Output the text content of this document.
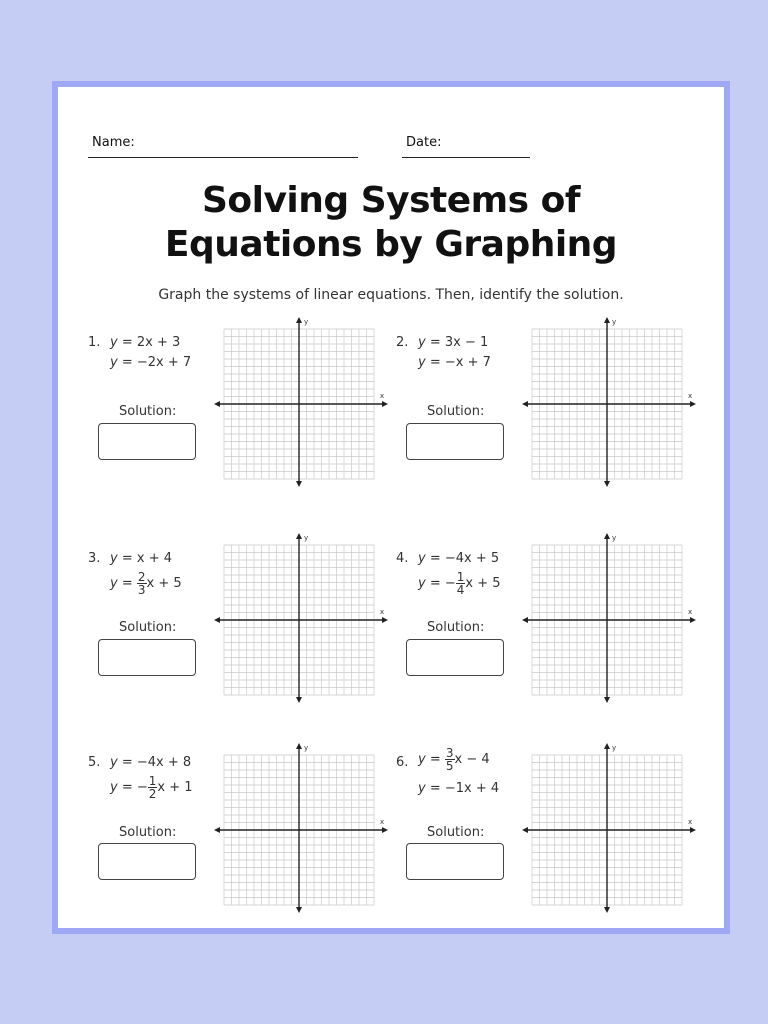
Name:	Date:
Solving Systems of
Equations by Graphing
Graph the systems of linear equations. Then, identify the solution.
1. y = 2x + 3
y = −2x + 7
Solution:
x
y
2. y = 3x − 1
y = −x + 7
Solution:
x
y
3. y = x + 4
$y = \frac{2}{3}$ x + 5
Solution:
x
y
4. y = −4x + 5
y = − $\frac{1}{4}$ x + 5
Solution:
x
y
5. y = −4x + 8
y = − $\frac{1}{2}$ x + 1
Solution:
x
y
6. $y = \frac{3}{5}$ x − 4
y = −1x + 4
Solution:
x
y
